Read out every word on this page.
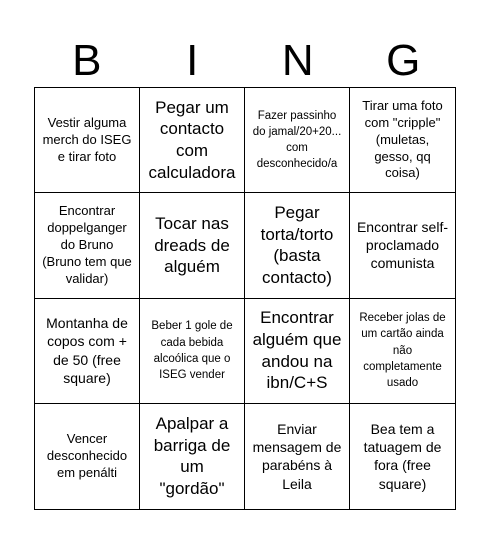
B	I	N	G
Vestir alguma merch do ISEG e tirar foto
Pegar um contacto com calculadora
Fazer passinho do jamal/20+20... com desconhecido/a
Tirar uma foto com "cripple" (muletas, gesso, qq coisa)
Encontrar doppelganger do Bruno (Bruno tem que validar)
Tocar nas dreads de alguém
Pegar torta/torto (basta contacto)
Encontrar self-proclamado comunista
Montanha de copos com + de 50 (free square)
Beber 1 gole de cada bebida alcoólica que o ISEG vender
Encontrar alguém que andou na ibn/C+S
Receber jolas de um cartão ainda não completamente usado
Vencer desconhecido em penálti
Apalpar a barriga de um "gordão"
Enviar mensagem de parabéns à Leila
Bea tem a tatuagem de fora (free square)
